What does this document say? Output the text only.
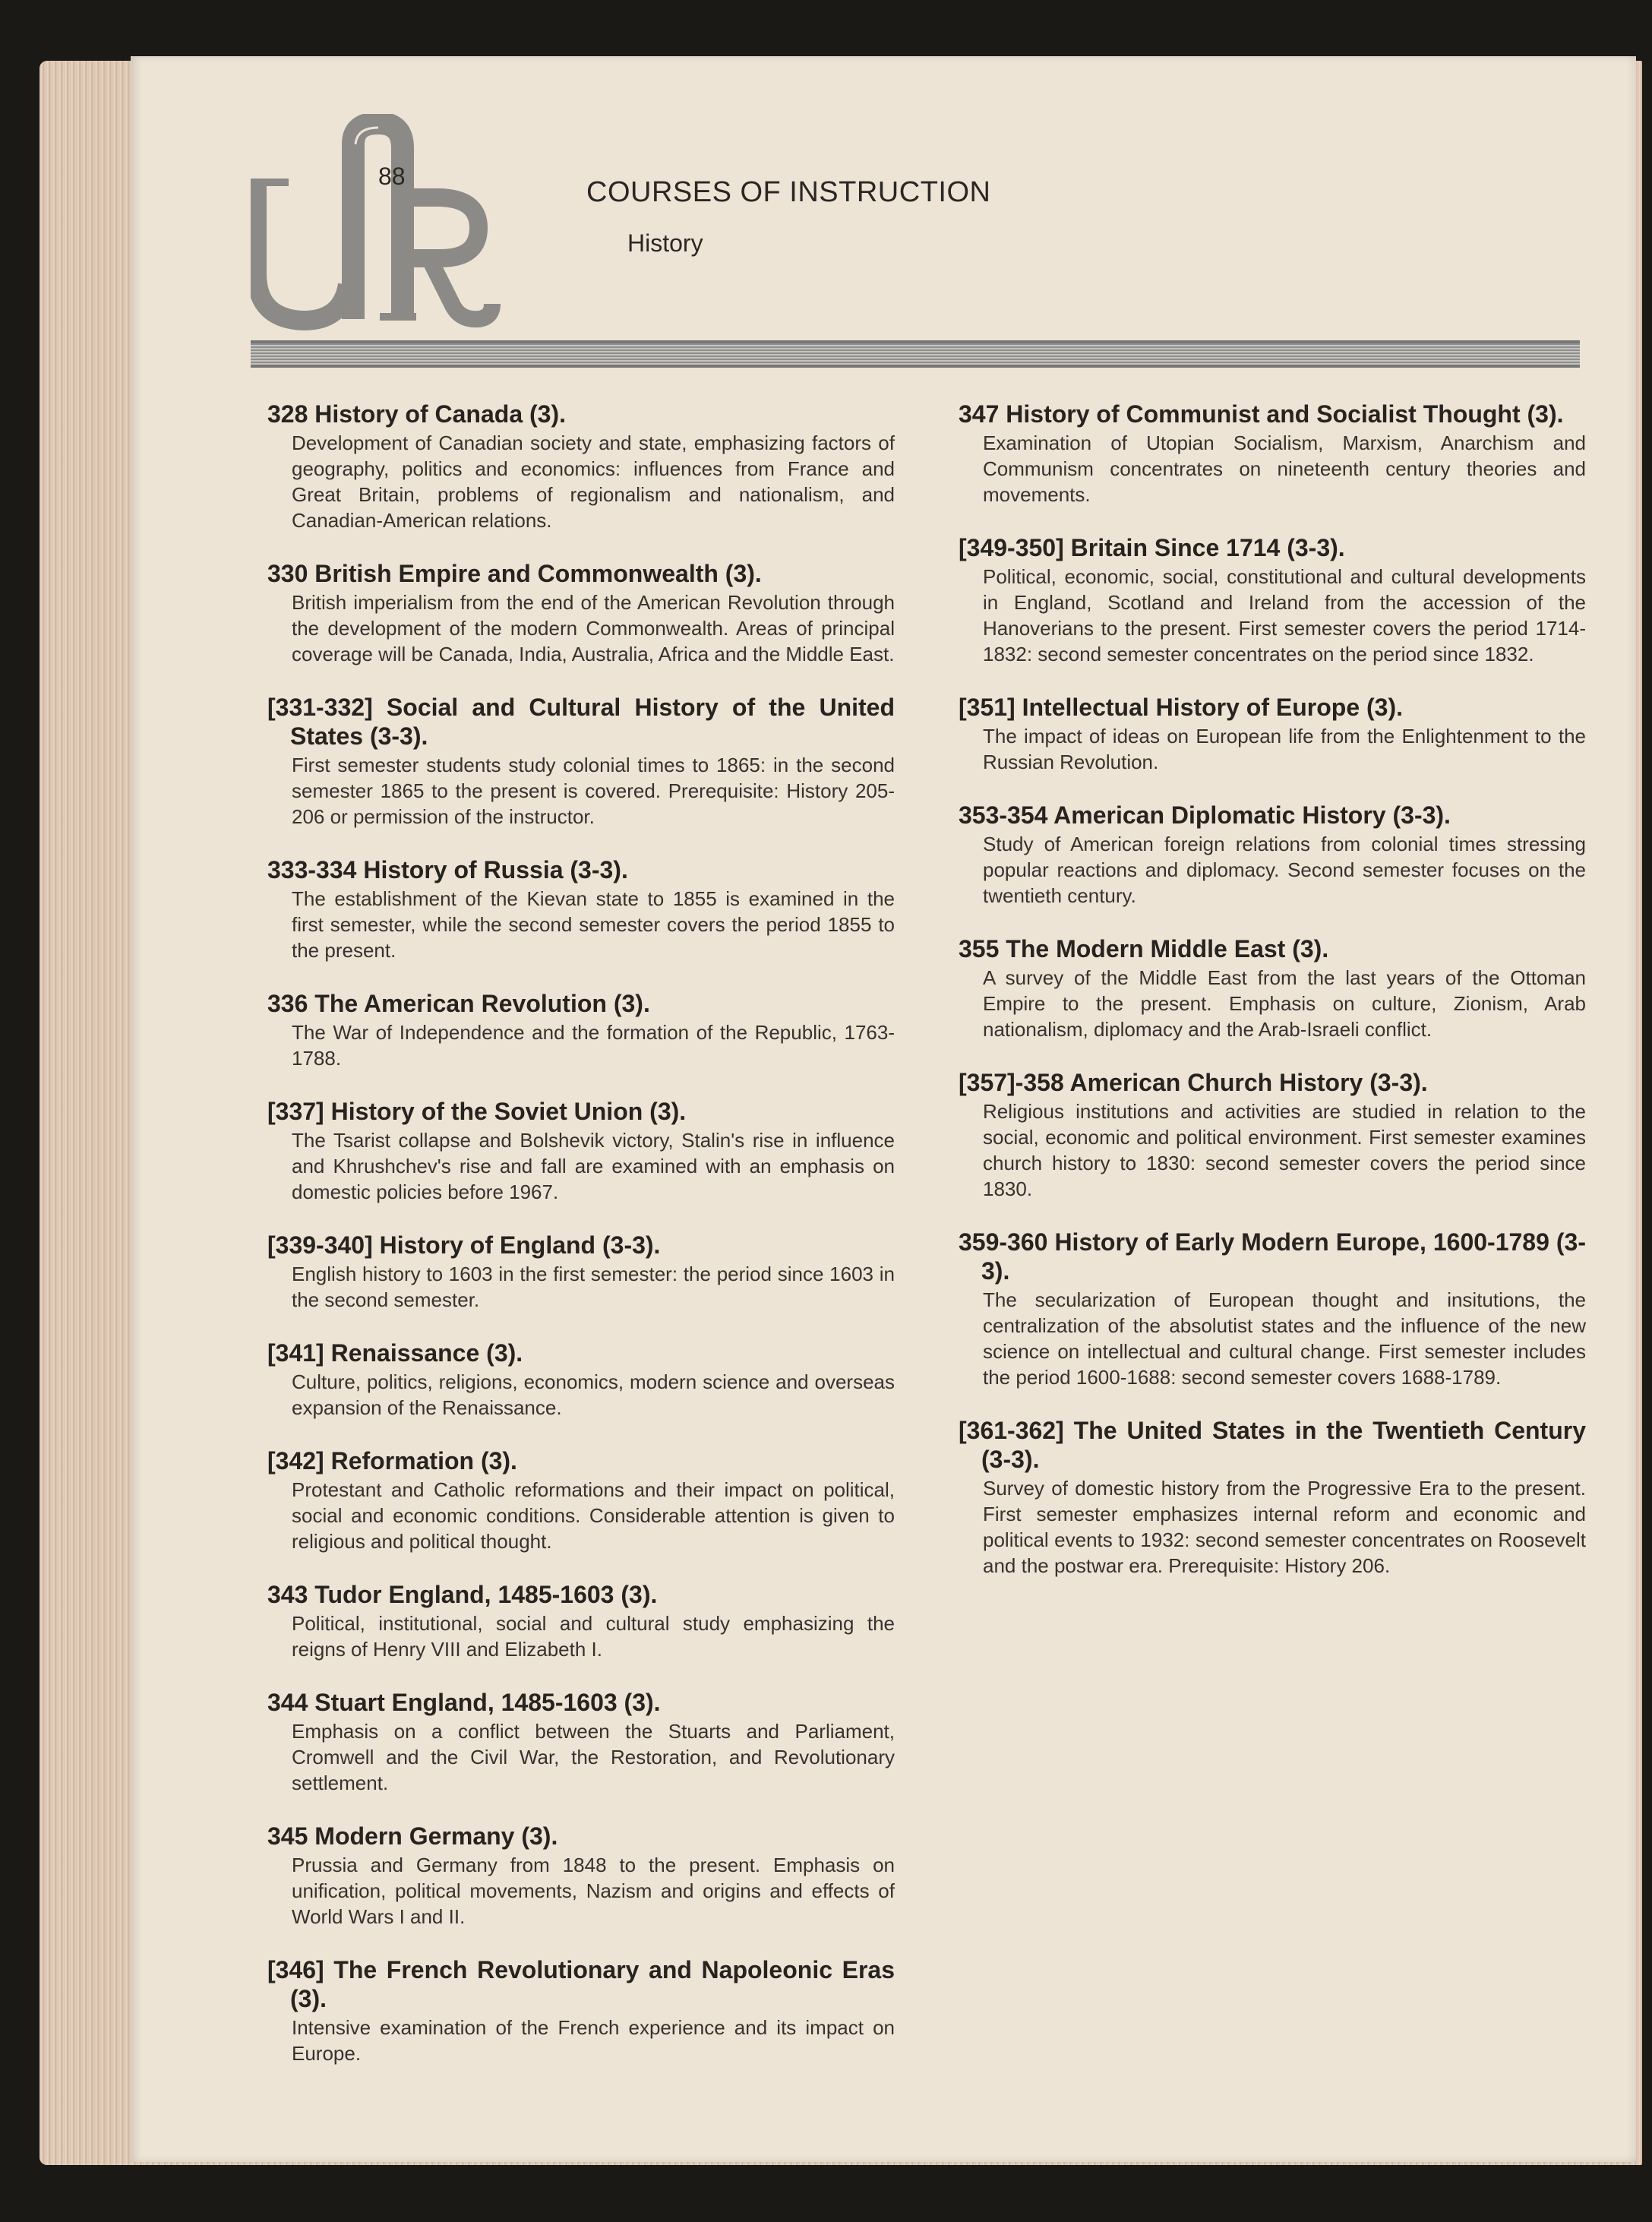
88	COURSES OF INSTRUCTION
History
328 History of Canada (3).
Development of Canadian society and state, emphasizing factors of geography, politics and economics: influences from France and Great Britain, problems of regionalism and nationalism, and Canadian-American relations.
330 British Empire and Commonwealth (3).
British imperialism from the end of the American Revolution through the development of the modern Commonwealth. Areas of principal coverage will be Canada, India, Australia, Africa and the Middle East.
[331-332] Social and Cultural History of the United States (3-3).
First semester students study colonial times to 1865: in the second semester 1865 to the present is covered. Prerequisite: History 205-206 or permission of the instructor.
333-334 History of Russia (3-3).
The establishment of the Kievan state to 1855 is examined in the first semester, while the second semester covers the period 1855 to the present.
336 The American Revolution (3).
The War of Independence and the formation of the Republic, 1763-1788.
[337] History of the Soviet Union (3).
The Tsarist collapse and Bolshevik victory, Stalin's rise in influence and Khrushchev's rise and fall are examined with an emphasis on domestic policies before 1967.
[339-340] History of England (3-3).
English history to 1603 in the first semester: the period since 1603 in the second semester.
[341] Renaissance (3).
Culture, politics, religions, economics, modern science and overseas expansion of the Renaissance.
[342] Reformation (3).
Protestant and Catholic reformations and their impact on political, social and economic conditions. Considerable attention is given to religious and political thought.
343 Tudor England, 1485-1603 (3).
Political, institutional, social and cultural study emphasizing the reigns of Henry VIII and Elizabeth I.
344 Stuart England, 1485-1603 (3).
Emphasis on a conflict between the Stuarts and Parliament, Cromwell and the Civil War, the Restoration, and Revolutionary settlement.
345 Modern Germany (3).
Prussia and Germany from 1848 to the present. Emphasis on unification, political movements, Nazism and origins and effects of World Wars I and II.
[346] The French Revolutionary and Napoleonic Eras (3).
Intensive examination of the French experience and its impact on Europe.
347 History of Communist and Socialist Thought (3).
Examination of Utopian Socialism, Marxism, Anarchism and Communism concentrates on nineteenth century theories and movements.
[349-350] Britain Since 1714 (3-3).
Political, economic, social, constitutional and cultural developments in England, Scotland and Ireland from the accession of the Hanoverians to the present. First semester covers the period 1714-1832: second semester concentrates on the period since 1832.
[351] Intellectual History of Europe (3).
The impact of ideas on European life from the Enlightenment to the Russian Revolution.
353-354 American Diplomatic History (3-3).
Study of American foreign relations from colonial times stressing popular reactions and diplomacy. Second semester focuses on the twentieth century.
355 The Modern Middle East (3).
A survey of the Middle East from the last years of the Ottoman Empire to the present. Emphasis on culture, Zionism, Arab nationalism, diplomacy and the Arab-Israeli conflict.
[357]-358 American Church History (3-3).
Religious institutions and activities are studied in relation to the social, economic and political environment. First semester examines church history to 1830: second semester covers the period since 1830.
359-360 History of Early Modern Europe, 1600-1789 (3-3).
The secularization of European thought and insitutions, the centralization of the absolutist states and the influence of the new science on intellectual and cultural change. First semester includes the period 1600-1688: second semester covers 1688-1789.
[361-362] The United States in the Twentieth Century (3-3).
Survey of domestic history from the Progressive Era to the present. First semester emphasizes internal reform and economic and political events to 1932: second semester concentrates on Roosevelt and the postwar era. Prerequisite: History 206.
